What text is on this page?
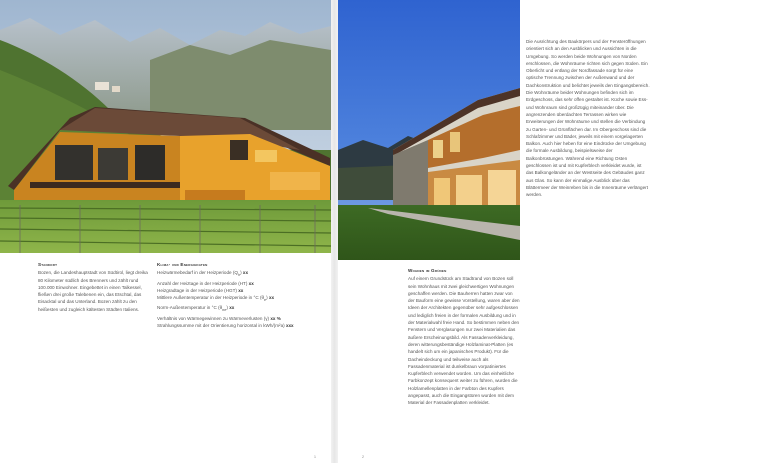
Standort
Bozen, die Landeshauptstadt von Südtirol, liegt dreika 80 Kilometer südlich des Brenners und zählt rund 100.000 Einwohner. Eingebettet in einen Talkessel, fließen drei große Talebenen ein, das Etschtal, das Eisacktal und das Unterland. Bozen zählt zu den heißesten und zugleich kältesten Städten Italiens.
Klima- und Energiedaten
Heizwärmebedarf in der Heizperiode $(Q_h)$ xx
Anzahl der Heiztage in der Heizperiode (HT) xx
Heizgradtage in der Heizperiode (HGT) xx
Mittlere Außentemperatur in der Heizperiode in °C $(\theta_e)$ xx
Norm-Außentemperatur in °C $(\theta_{ne})$ xx
Verhältnis von Wärmegewinnen zu Wärmeverlusten (γ) xx %
Strahlungssumme mit der Orientierung horizontal in kWh/(m²a) xxx
1
Die Ausrichtung des Baukörpers und der Fensteröffnungen orientiert sich an den Ausblicken und Aussichten in die Umgebung. So werden beide Wohnungen von Norden erschlossen, die Wohnräume richten sich gegen Süden. Ein Oberlicht und entlang der Nordfassade sorgt für eine optische Trennung zwischen der Außenwand und der Dachkonstruktion und belichtet jeweils den Eingangsbereich. Die Wohnräume beider Wohnungen befinden sich im Erdgeschoss, das sehr offen gestaltet ist. Küche sowie Ess- und Wohnraum sind großzügig miteinander über. Die angrenzenden überdachten Terrassen wirken wie Erweiterungen der Wohnräume und stellen die Verbindung zu Garten- und Grünflächen dar. Im Obergeschoss sind die Schlafzimmer und Bäder, jeweils mit einem vorgelagerten Balkon. Auch hier heben für eine Eindrücke der Umgebung die formale Ausbildung, beispielsweise der Balkonbrüstungen. Während eine Richtung Osten geschlossen ist und mit Kupferblech verkleidet wurde, ist das Balkongeländer an der Westseite des Gebäudes ganz aus Glas. So kann der einmalige Ausblick über das Blättermeer der Weinreben bis in die Innenräume verlängert werden.
Wohnen im Grünen
Auf einem Grundstück am Stadtrand von Bozen soll sein Wohnhaus mit zwei gleichwertigen Wohnungen geschaffen werden. Die Bauherren hatten zwar von der Bauform eine gewisse Vorstellung, waren aber den Ideen der Architekten gegenüber sehr aufgeschlossen und lediglich freien in der formalen Ausbildung und in der Materialwahl freie Hand. So bestimmen neben den Fenstern und Verglasungen nur zwei Materialien das äußere Erscheinungsbild. Als Fassadenverkleidung, deren witterungsbeständige Holzlaminat-Platten (es handelt sich um ein japanisches Produkt). Für die Dacheindeckung und teilweise auch als Fassadenmaterial ist dunkelbraun vorpatiniertes Kupferblech verwendet worden. Um das einheitliche Farbkonzept konsequent weiter zu führen, wurden die Holzlamellenplatten in der Farbton des Kupfers angepasst, auch die Eingangstüren wurden mit dem Material der Fassadenplatten verkleidet.
2
